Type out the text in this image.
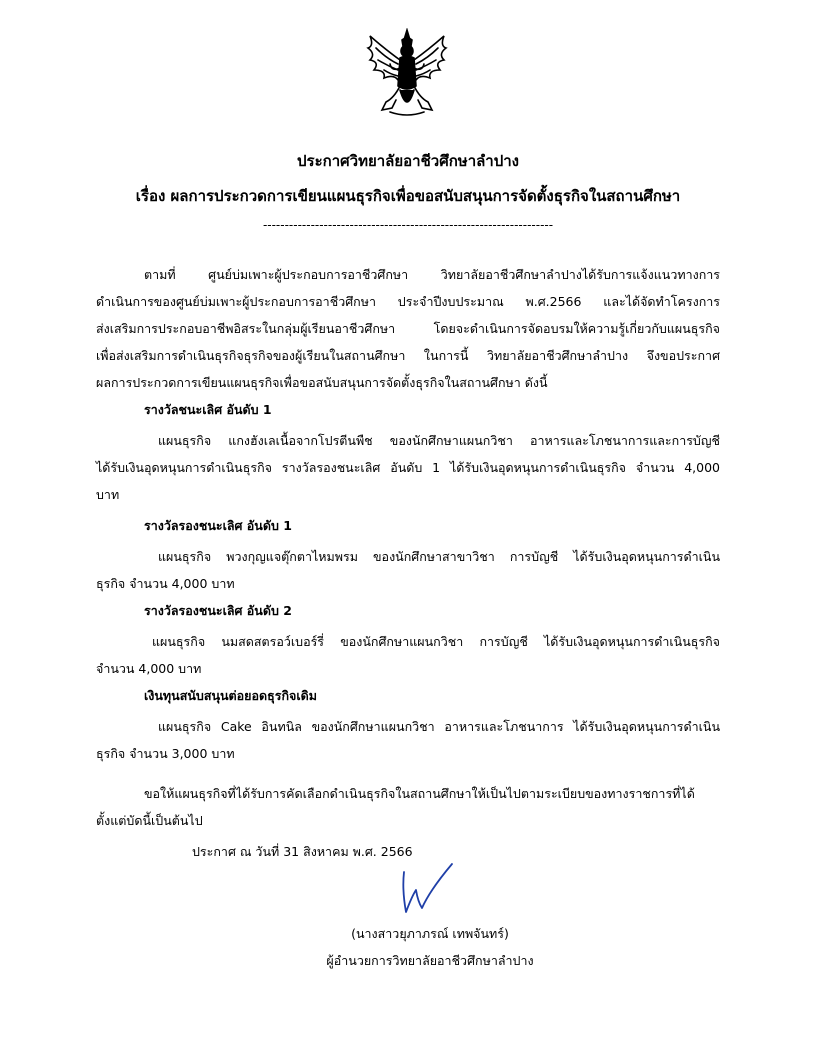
ประกาศวิทยาลัยอาชีวศึกษาลำปาง
เรื่อง ผลการประกวดการเขียนแผนธุรกิจเพื่อขอสนับสนุนการจัดตั้งธุรกิจในสถานศึกษา
-------------------------------------------------------------------
ตามที่ ศูนย์บ่มเพาะผู้ประกอบการอาชีวศึกษา วิทยาลัยอาชีวศึกษาลำปางได้รับการแจ้งแนวทางการ
ดำเนินการของศูนย์บ่มเพาะผู้ประกอบการอาชีวศึกษา ประจำปีงบประมาณ พ.ศ.2566 และได้จัดทำโครงการ
ส่งเสริมการประกอบอาชีพอิสระในกลุ่มผู้เรียนอาชีวศึกษา โดยจะดำเนินการจัดอบรมให้ความรู้เกี่ยวกับแผนธุรกิจ
เพื่อส่งเสริมการดำเนินธุรกิจธุรกิจของผู้เรียนในสถานศึกษา ในการนี้ วิทยาลัยอาชีวศึกษาลำปาง จึงขอประกาศ
ผลการประกวดการเขียนแผนธุรกิจเพื่อขอสนับสนุนการจัดตั้งธุรกิจในสถานศึกษา ดังนี้
รางวัลชนะเลิศ อันดับ 1
แผนธุรกิจ แกงฮังเลเนื้อจากโปรตีนพืช ของนักศึกษาแผนกวิชา อาหารและโภชนาการและการบัญชี
ได้รับเงินอุดหนุนการดำเนินธุรกิจ รางวัลรองชนะเลิศ อันดับ 1 ได้รับเงินอุดหนุนการดำเนินธุรกิจ จำนวน 4,000
บาท
รางวัลรองชนะเลิศ อันดับ 1
แผนธุรกิจ พวงกุญแจตุ๊กตาไหมพรม ของนักศึกษาสาขาวิชา การบัญชี ได้รับเงินอุดหนุนการดำเนิน
ธุรกิจ จำนวน 4,000 บาท
รางวัลรองชนะเลิศ อันดับ 2
แผนธุรกิจ นมสดสตรอว์เบอร์รี่ ของนักศึกษาแผนกวิชา การบัญชี ได้รับเงินอุดหนุนการดำเนินธุรกิจ
จำนวน 4,000 บาท
เงินทุนสนับสนุนต่อยอดธุรกิจเดิม
แผนธุรกิจ Cake อินทนิล ของนักศึกษาแผนกวิชา อาหารและโภชนาการ ได้รับเงินอุดหนุนการดำเนิน
ธุรกิจ จำนวน 3,000 บาท
ขอให้แผนธุรกิจที่ได้รับการคัดเลือกดำเนินธุรกิจในสถานศึกษาให้เป็นไปตามระเบียบของทางราชการที่ได้
ตั้งแต่บัดนี้เป็นต้นไป
ประกาศ ณ วันที่ 31 สิงหาคม พ.ศ. 2566
(นางสาวยุภาภรณ์ เทพจันทร์)
ผู้อำนวยการวิทยาลัยอาชีวศึกษาลำปาง
